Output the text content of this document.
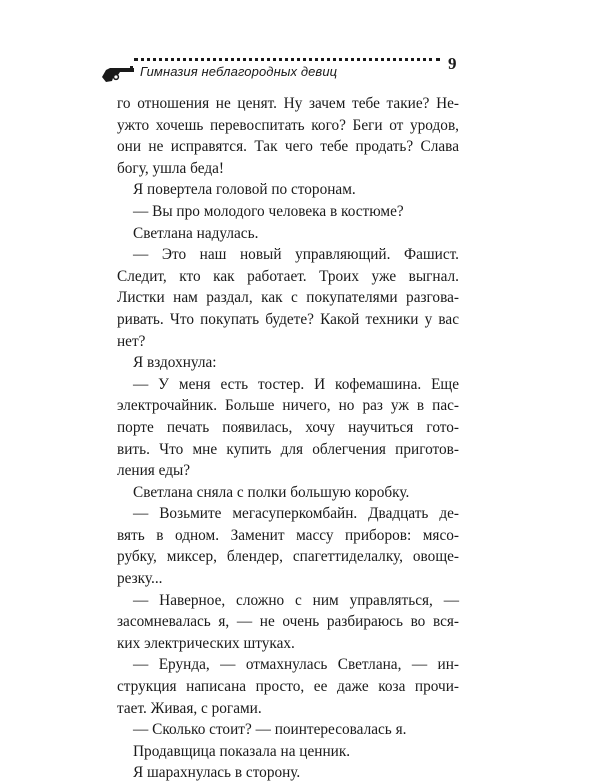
Гимназия неблагородных девиц	9
го отношения не ценят. Ну зачем тебе такие? Не-
ужто хочешь перевоспитать кого? Беги от уродов,
они не исправятся. Так чего тебе продать? Слава
богу, ушла беда!
Я повертела головой по сторонам.
— Вы про молодого человека в костюме?
Светлана надулась.
— Это наш новый управляющий. Фашист.
Следит, кто как работает. Троих уже выгнал.
Листки нам раздал, как с покупателями разгова-
ривать. Что покупать будете? Какой техники у вас
нет?
Я вздохнула:
— У меня есть тостер. И кофемашина. Еще
электрочайник. Больше ничего, но раз уж в пас-
порте печать появилась, хочу научиться гото-
вить. Что мне купить для облегчения приготов-
ления еды?
Светлана сняла с полки большую коробку.
— Возьмите мегасуперкомбайн. Двадцать де-
вять в одном. Заменит массу приборов: мясо-
рубку, миксер, блендер, спагеттиделалку, овоще-
резку...
— Наверное, сложно с ним управляться, —
засомневалась я, — не очень разбираюсь во вся-
ких электрических штуках.
— Ерунда, — отмахнулась Светлана, — ин-
струкция написана просто, ее даже коза прочи-
тает. Живая, с рогами.
— Сколько стоит? — поинтересовалась я.
Продавщица показала на ценник.
Я шарахнулась в сторону.
